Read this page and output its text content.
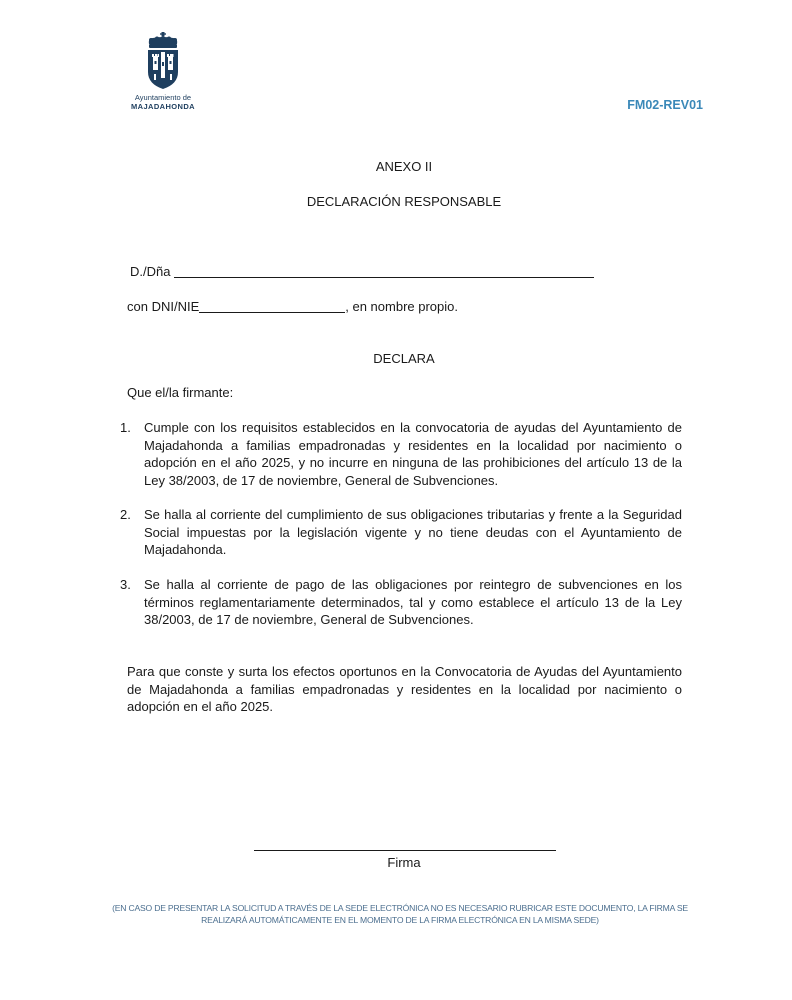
Ayuntamiento de
MAJADAHONDA	FM02-REV01
ANEXO II
DECLARACIÓN RESPONSABLE
D./Dña
con DNI/NIE	, en nombre propio.
DECLARA
Que el/la firmante:
1.	Cumple con los requisitos establecidos en la convocatoria de ayudas del Ayuntamiento de Majadahonda a familias empadronadas y residentes en la localidad por nacimiento o adopción en el año 2025, y no incurre en ninguna de las prohibiciones del artículo 13 de la Ley 38/2003, de 17 de noviembre, General de Subvenciones.
2.	Se halla al corriente del cumplimiento de sus obligaciones tributarias y frente a la Seguridad Social impuestas por la legislación vigente y no tiene deudas con el Ayuntamiento de Majadahonda.
3.	Se halla al corriente de pago de las obligaciones por reintegro de subvenciones en los términos reglamentariamente determinados, tal y como establece el artículo 13 de la Ley 38/2003, de 17 de noviembre, General de Subvenciones.
Para que conste y surta los efectos oportunos en la Convocatoria de Ayudas del Ayuntamiento de Majadahonda a familias empadronadas y residentes en la localidad por nacimiento o adopción en el año 2025.
Firma
(EN CASO DE PRESENTAR LA SOLICITUD A TRAVÉS DE LA SEDE ELECTRÓNICA NO ES NECESARIO RUBRICAR ESTE DOCUMENTO, LA FIRMA SE REALIZARÁ AUTOMÁTICAMENTE EN EL MOMENTO DE LA FIRMA ELECTRÓNICA EN LA MISMA SEDE)
